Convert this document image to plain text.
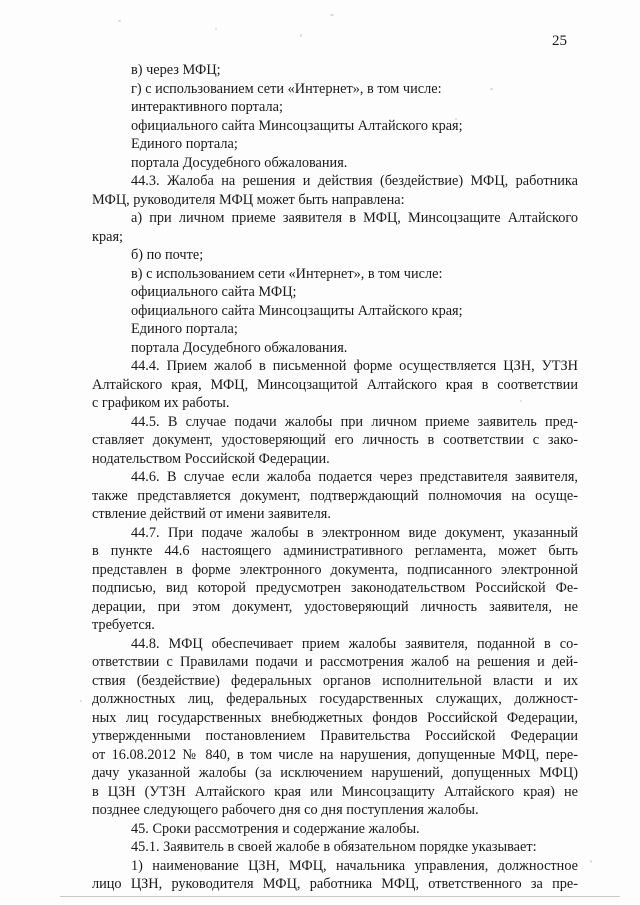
25
в) через МФЦ;
г) с использованием сети «Интернет», в том числе:
интерактивного портала;
официального сайта Минсоцзащиты Алтайского края;
Единого портала;
портала Досудебного обжалования.
44.3. Жалоба на решения и действия (бездействие) МФЦ, работника
МФЦ, руководителя МФЦ может быть направлена:
а) при личном приеме заявителя в МФЦ, Минсоцзащите Алтайского
края;
б) по почте;
в) с использованием сети «Интернет», в том числе:
официального сайта МФЦ;
официального сайта Минсоцзащиты Алтайского края;
Единого портала;
портала Досудебного обжалования.
44.4. Прием жалоб в письменной форме осуществляется ЦЗН, УТЗН
Алтайского края, МФЦ, Минсоцзащитой Алтайского края в соответствии
с графиком их работы.
44.5. В случае подачи жалобы при личном приеме заявитель пред-
ставляет документ, удостоверяющий его личность в соответствии с зако-
нодательством Российской Федерации.
44.6. В случае если жалоба подается через представителя заявителя,
также представляется документ, подтверждающий полномочия на осуще-
ствление действий от имени заявителя.
44.7. При подаче жалобы в электронном виде документ, указанный
в пункте 44.6 настоящего административного регламента, может быть
представлен в форме электронного документа, подписанного электронной
подписью, вид которой предусмотрен законодательством Российской Фе-
дерации, при этом документ, удостоверяющий личность заявителя, не
требуется.
44.8. МФЦ обеспечивает прием жалобы заявителя, поданной в со-
ответствии с Правилами подачи и рассмотрения жалоб на решения и дей-
ствия (бездействие) федеральных органов исполнительной власти и их
должностных лиц, федеральных государственных служащих, должност-
ных лиц государственных внебюджетных фондов Российской Федерации,
утвержденными постановлением Правительства Российской Федерации
от 16.08.2012 № 840, в том числе на нарушения, допущенные МФЦ, пере-
дачу указанной жалобы (за исключением нарушений, допущенных МФЦ)
в ЦЗН (УТЗН Алтайского края или Минсоцзащиту Алтайского края) не
позднее следующего рабочего дня со дня поступления жалобы.
45. Сроки рассмотрения и содержание жалобы.
45.1. Заявитель в своей жалобе в обязательном порядке указывает:
1) наименование ЦЗН, МФЦ, начальника управления, должностное
лицо ЦЗН, руководителя МФЦ, работника МФЦ, ответственного за пре-
